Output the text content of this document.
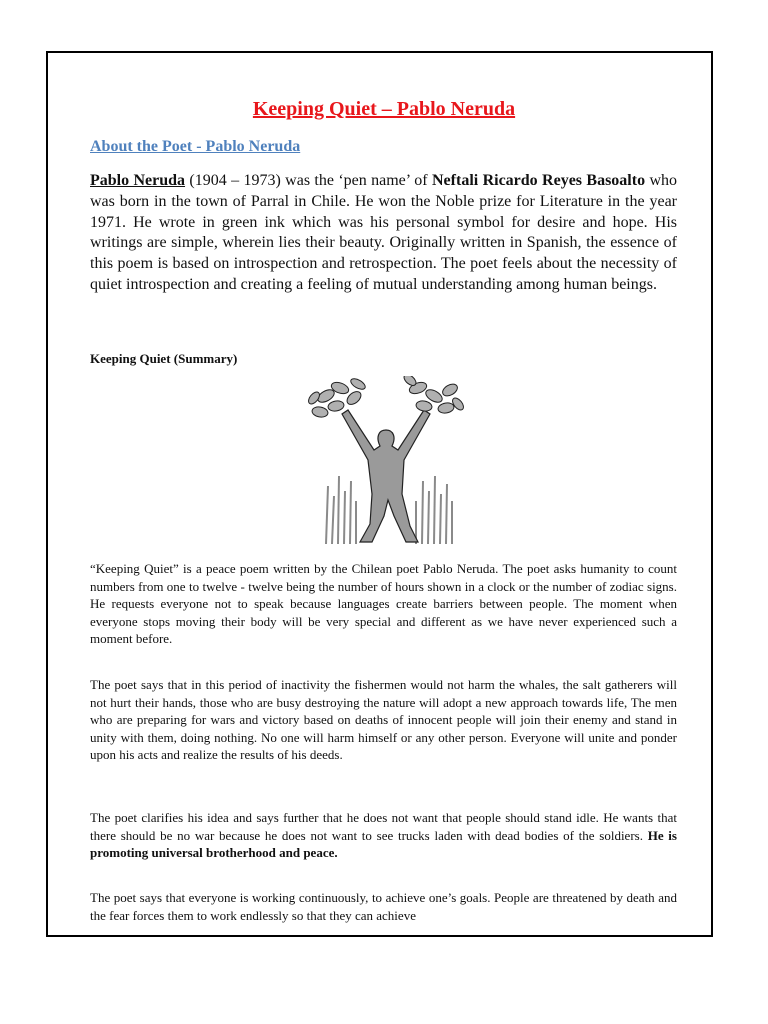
Keeping Quiet – Pablo Neruda
About the Poet - Pablo Neruda

Pablo Neruda (1904 – 1973) was the ‘pen name’ of Neftali Ricardo Reyes Basoalto who was born in the town of Parral in Chile. He won the Noble prize for Literature in the year 1971. He wrote in green ink which was his personal symbol for desire and hope. His writings are simple, wherein lies their beauty. Originally written in Spanish, the essence of this poem is based on introspection and retrospection. The poet feels about the necessity of quiet introspection and creating a feeling of mutual understanding among human beings.

Keeping Quiet (Summary)

“Keeping Quiet” is a peace poem written by the Chilean poet Pablo Neruda. The poet asks humanity to count numbers from one to twelve - twelve being the number of hours shown in a clock or the number of zodiac signs. He requests everyone not to speak because languages create barriers between people. The moment when everyone stops moving their body will be very special and different as we have never experienced such a moment before.

The poet says that in this period of inactivity the fishermen would not harm the whales, the salt gatherers will not hurt their hands, those who are busy destroying the nature will adopt a new approach towards life, The men who are preparing for wars and victory based on deaths of innocent people will join their enemy and stand in unity with them, doing nothing. No one will harm himself or any other person. Everyone will unite and ponder upon his acts and realize the results of his deeds.

The poet clarifies his idea and says further that he does not want that people should stand idle. He wants that there should be no war because he does not want to see trucks laden with dead bodies of the soldiers. He is promoting universal brotherhood and peace.

The poet says that everyone is working continuously, to achieve one’s goals. People are threatened by death and the fear forces them to work endlessly so that they can achieve
